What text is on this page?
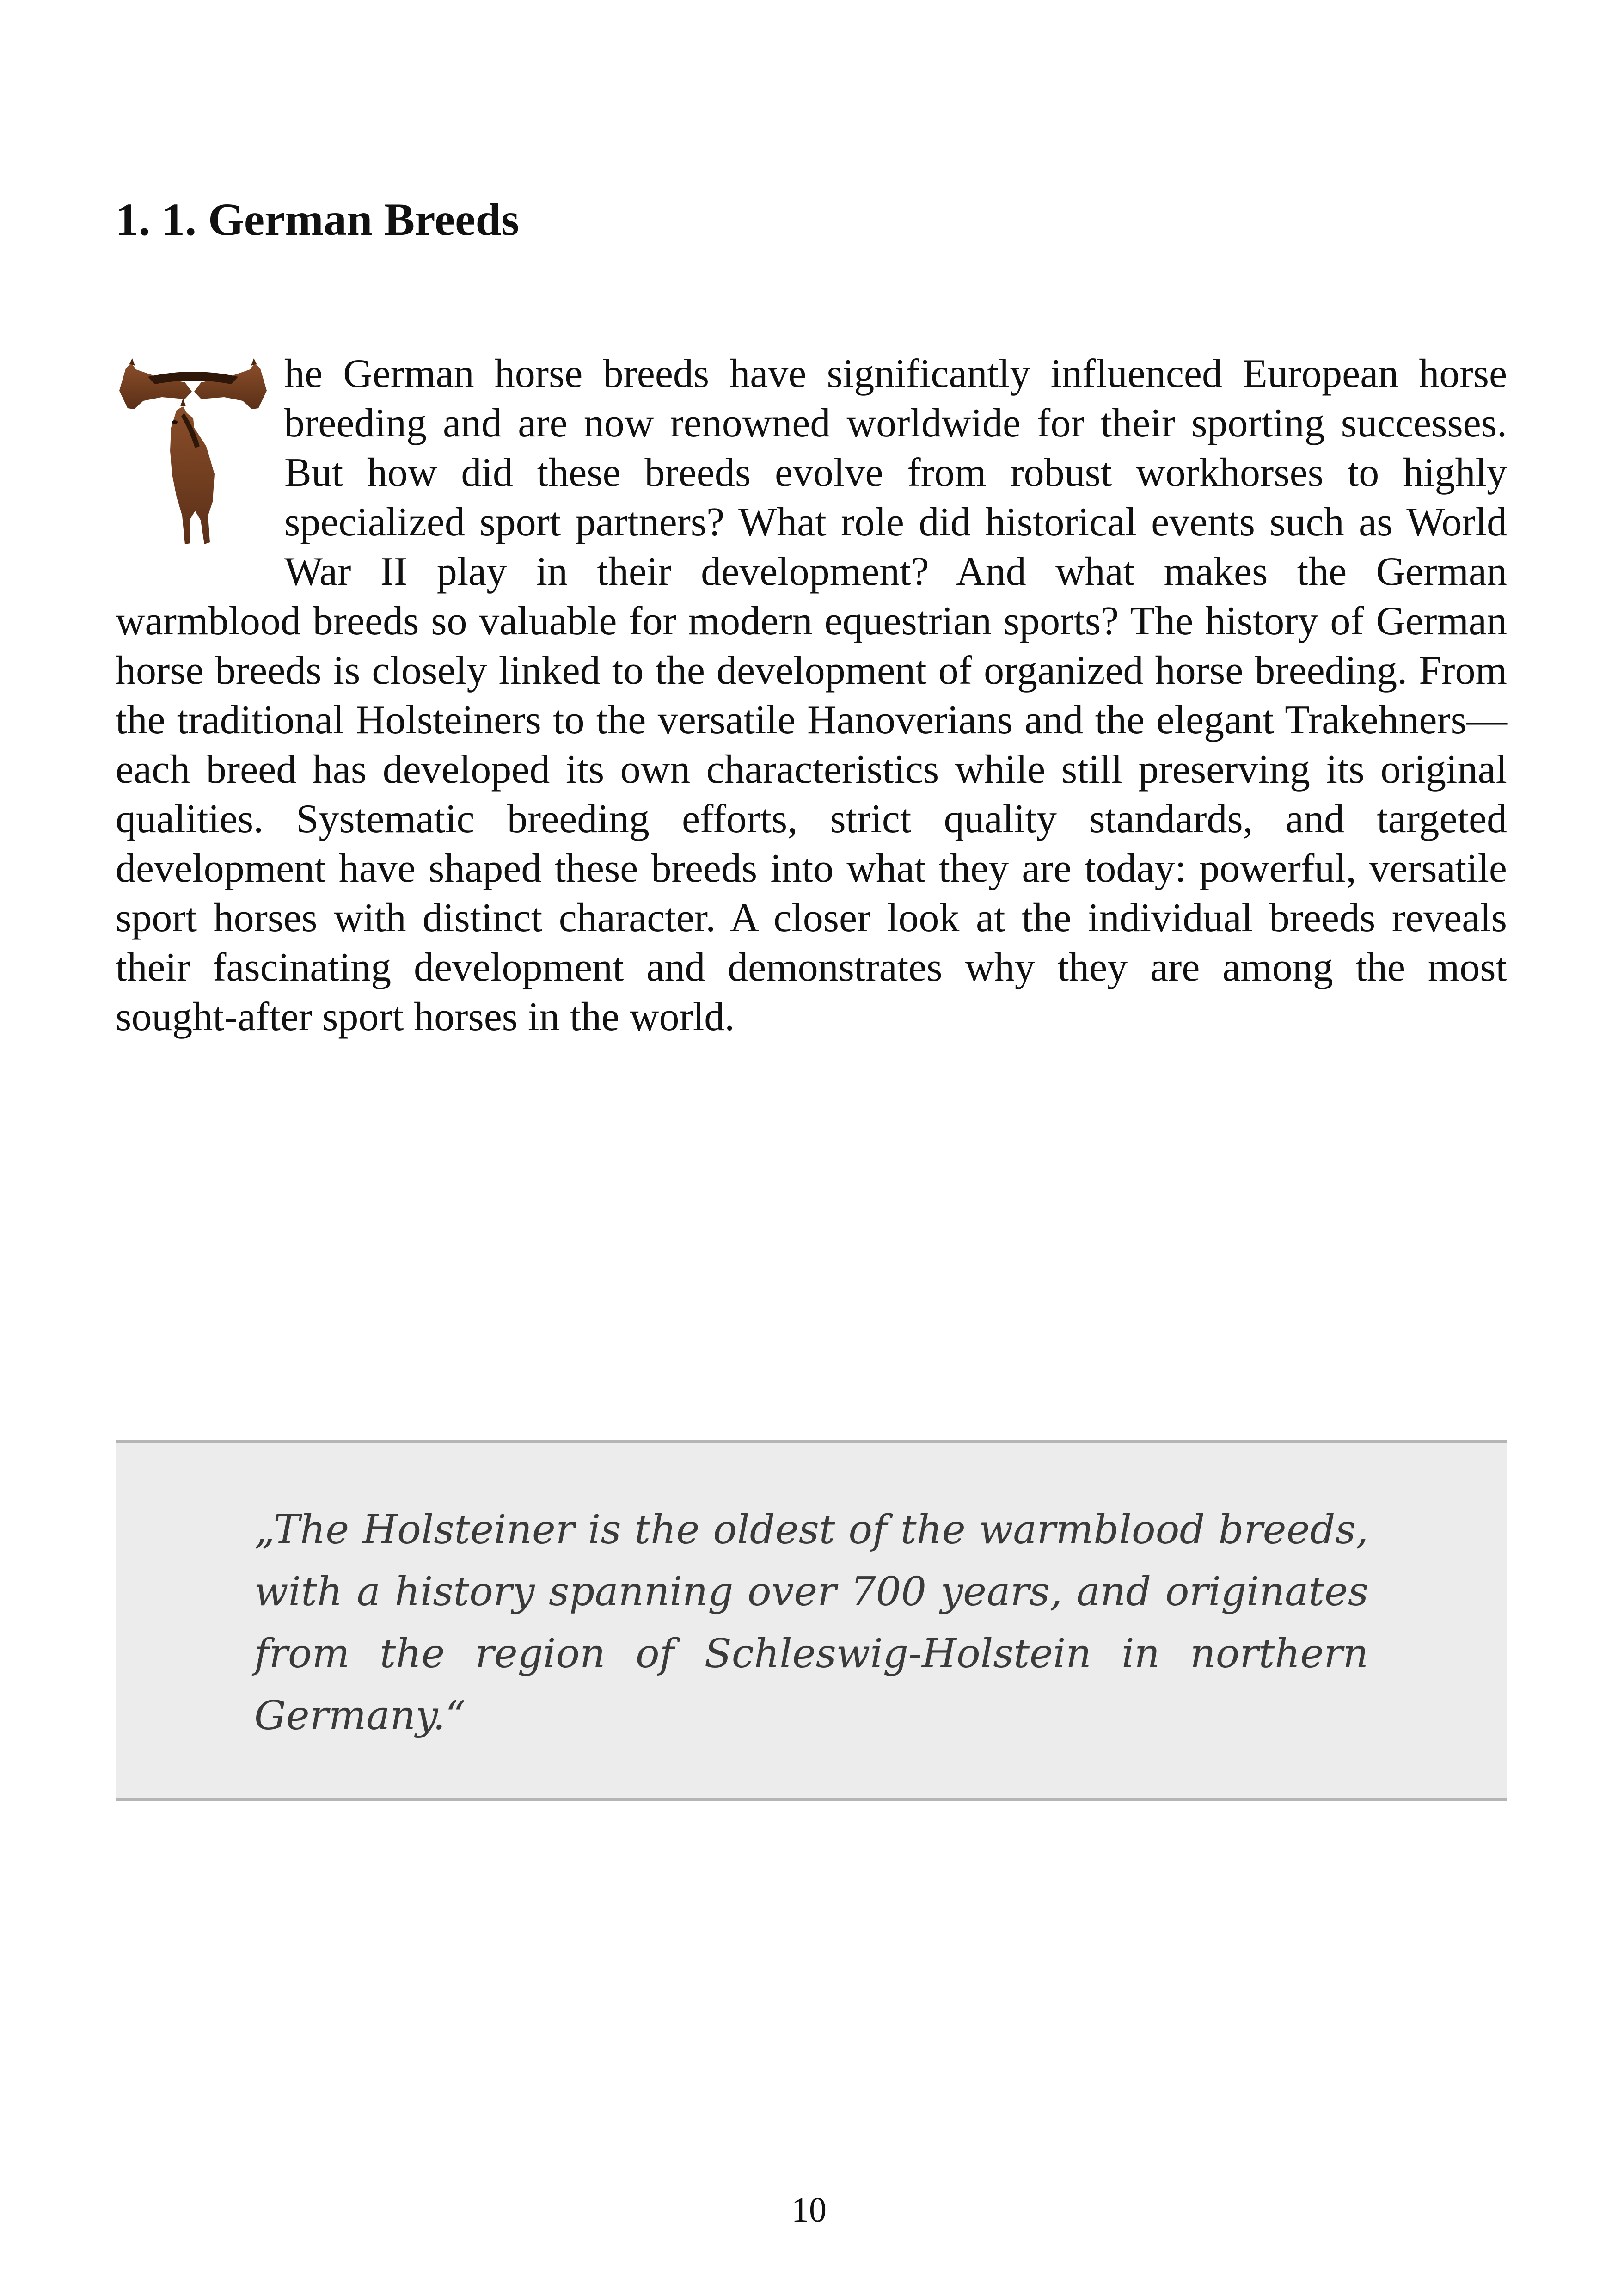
1. 1. German Breeds

he German horse breeds have significantly influenced European horse breeding and are now renowned worldwide for their sporting successes. But how did these breeds evolve from robust workhorses to highly specialized sport partners? What role did historical events such as World War II play in their development? And what makes the German warmblood breeds so valuable for modern equestrian sports? The history of German horse breeds is closely linked to the development of organized horse breeding. From the traditional Holsteiners to the versatile Hanoverians and the elegant Trakehners—each breed has developed its own characteristics while still preserving its original qualities. Systematic breeding efforts, strict quality standards, and targeted development have shaped these breeds into what they are today: powerful, versatile sport horses with distinct character. A closer look at the individual breeds reveals their fascinating development and demonstrates why they are among the most sought-after sport horses in the world.

„The Holsteiner is the oldest of the warmblood breeds, with a history spanning over 700 years, and originates from the region of Schleswig-Holstein in northern Germany.“

10
